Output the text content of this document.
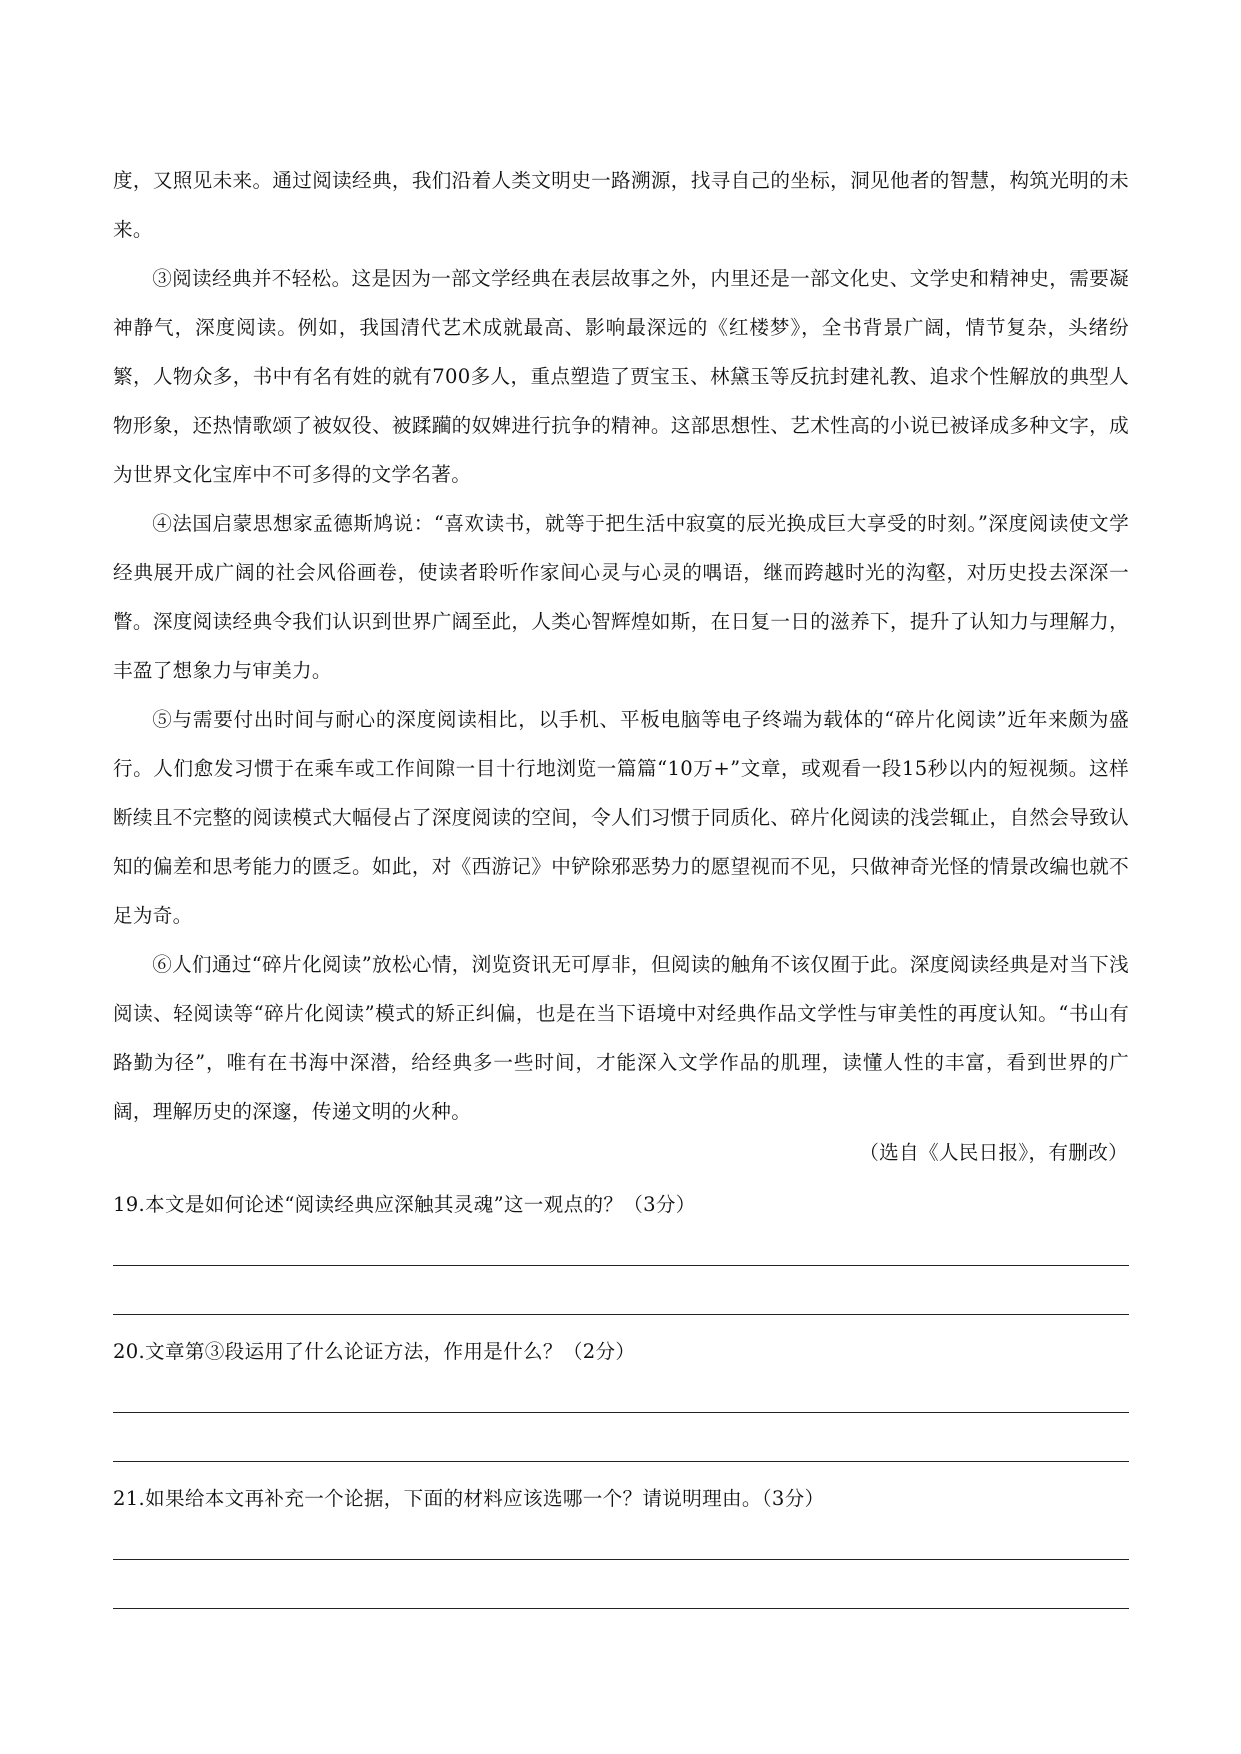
度，又照见未来。通过阅读经典，我们沿着人类文明史一路溯源，找寻自己的坐标，洞见他者的智慧，构筑光明的未来。

③阅读经典并不轻松。这是因为一部文学经典在表层故事之外，内里还是一部文化史、文学史和精神史，需要凝神静气，深度阅读。例如，我国清代艺术成就最高、影响最深远的《红楼梦》，全书背景广阔，情节复杂，头绪纷繁，人物众多，书中有名有姓的就有700多人，重点塑造了贾宝玉、林黛玉等反抗封建礼教、追求个性解放的典型人物形象，还热情歌颂了被奴役、被蹂躏的奴婢进行抗争的精神。这部思想性、艺术性高的小说已被译成多种文字，成为世界文化宝库中不可多得的文学名著。

④法国启蒙思想家孟德斯鸠说：“喜欢读书，就等于把生活中寂寞的辰光换成巨大享受的时刻。”深度阅读使文学经典展开成广阔的社会风俗画卷，使读者聆听作家间心灵与心灵的喁语，继而跨越时光的沟壑，对历史投去深深一瞥。深度阅读经典令我们认识到世界广阔至此，人类心智辉煌如斯，在日复一日的滋养下，提升了认知力与理解力，丰盈了想象力与审美力。

⑤与需要付出时间与耐心的深度阅读相比，以手机、平板电脑等电子终端为载体的“碎片化阅读”近年来颇为盛行。人们愈发习惯于在乘车或工作间隙一目十行地浏览一篇篇“10万+”文章，或观看一段15秒以内的短视频。这样断续且不完整的阅读模式大幅侵占了深度阅读的空间，令人们习惯于同质化、碎片化阅读的浅尝辄止，自然会导致认知的偏差和思考能力的匮乏。如此，对《西游记》中铲除邪恶势力的愿望视而不见，只做神奇光怪的情景改编也就不足为奇。

⑥人们通过“碎片化阅读”放松心情，浏览资讯无可厚非，但阅读的触角不该仅囿于此。深度阅读经典是对当下浅阅读、轻阅读等“碎片化阅读”模式的矫正纠偏，也是在当下语境中对经典作品文学性与审美性的再度认知。“书山有路勤为径”，唯有在书海中深潜，给经典多一些时间，才能深入文学作品的肌理，读懂人性的丰富，看到世界的广阔，理解历史的深邃，传递文明的火种。

（选自《人民日报》，有删改）
19.本文是如何论述“阅读经典应深触其灵魂”这一观点的？（3分）
20.文章第③段运用了什么论证方法，作用是什么？（2分）
21.如果给本文再补充一个论据，下面的材料应该选哪一个？请说明理由。（3分）
